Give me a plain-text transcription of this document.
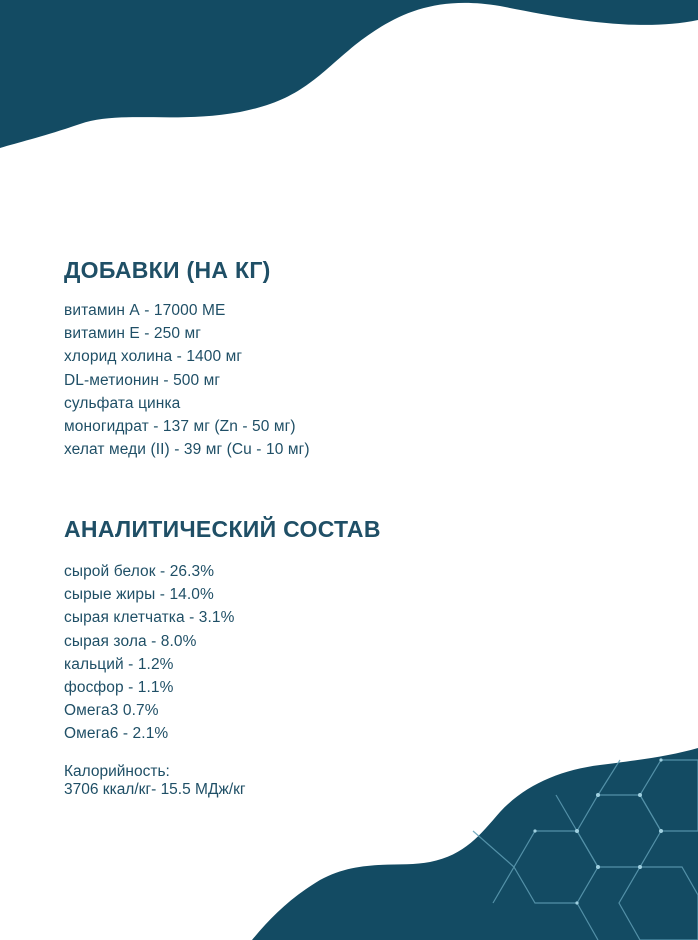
ДОБАВКИ (НА КГ)
витамин А - 17000 МЕ
витамин Е - 250 мг
хлорид холина - 1400 мг
DL-метионин - 500 мг
сульфата цинка
моногидрат - 137 мг (Zn - 50 мг)
хелат меди (II) - 39 мг (Cu - 10 мг)
АНАЛИТИЧЕСКИЙ СОСТАВ
сырой белок - 26.3%
сырые жиры - 14.0%
сырая клетчатка - 3.1%
сырая зола - 8.0%
кальций - 1.2%
фосфор - 1.1%
Омега3 0.7%
Омега6 - 2.1%
Калорийность:
3706 ккал/кг- 15.5 МДж/кг
